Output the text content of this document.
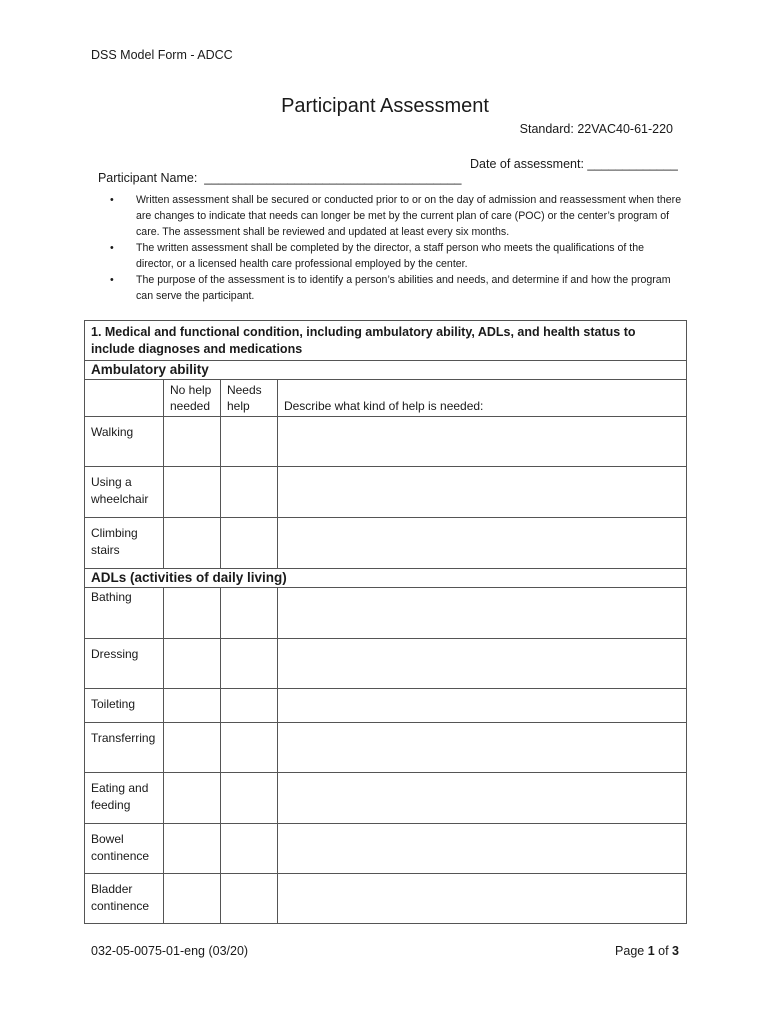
DSS Model Form - ADCC
Participant Assessment
Standard: 22VAC40-61-220

Participant Name:  _____________________________________

Date of assessment: _____________

• Written assessment shall be secured or conducted prior to or on the day of admission and reassessment when there are changes to indicate that needs can longer be met by the current plan of care (POC) or the center’s program of care. The assessment shall be reviewed and updated at least every six months.
• The written assessment shall be completed by the director, a staff person who meets the qualifications of the director, or a licensed health care professional employed by the center.
• The purpose of the assessment is to identify a person’s abilities and needs, and determine if and how the program can serve the participant.
1. Medical and functional condition, including ambulatory ability, ADLs, and health status to include diagnoses and medications			
Ambulatory ability			
	No help needed	Needs help	Describe what kind of help is needed:
Walking			
Using a wheelchair			
Climbing stairs			
ADLs (activities of daily living)			
Bathing			
Dressing			
Toileting			
Transferring			
Eating and feeding			
Bowel continence			
Bladder continence			
032-05-0075-01-eng (03/20)	Page 1 of 3
